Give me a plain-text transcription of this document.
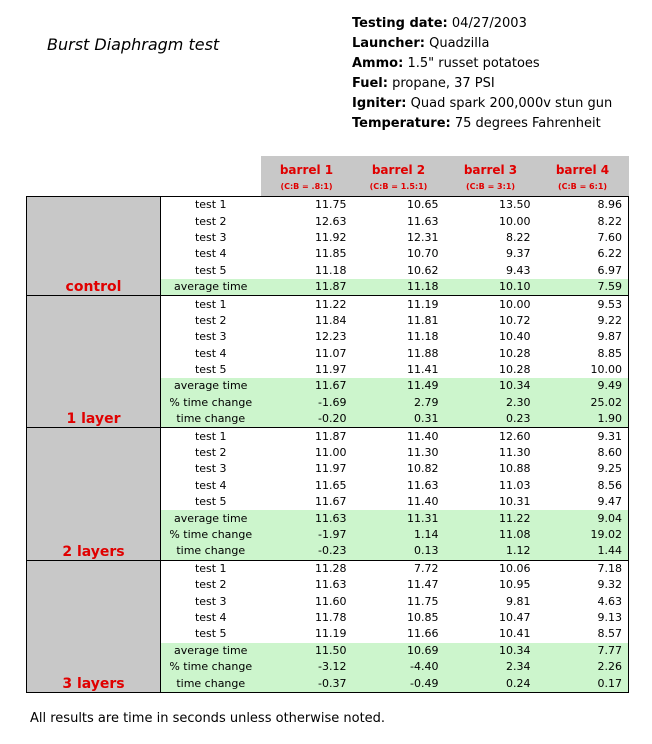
Burst Diaphragm test
Testing date: 04/27/2003
Launcher: Quadzilla
Ammo: 1.5" russet potatoes
Fuel: propane, 37 PSI
Igniter: Quad spark 200,000v stun gun
Temperature: 75 degrees Fahrenheit
		barrel 1	barrel 2	barrel 3	barrel 4
		(C:B = .8:1)	(C:B = 1.5:1)	(C:B = 3:1)	(C:B = 6:1)
control	test 1	11.75	10.65	13.50	8.96
	test 2	12.63	11.63	10.00	8.22
	test 3	11.92	12.31	8.22	7.60
	test 4	11.85	10.70	9.37	6.22
	test 5	11.18	10.62	9.43	6.97
	average time	11.87	11.18	10.10	7.59
1 layer	test 1	11.22	11.19	10.00	9.53
	test 2	11.84	11.81	10.72	9.22
	test 3	12.23	11.18	10.40	9.87
	test 4	11.07	11.88	10.28	8.85
	test 5	11.97	11.41	10.28	10.00
	average time	11.67	11.49	10.34	9.49
	% time change	-1.69	2.79	2.30	25.02
	time change	-0.20	0.31	0.23	1.90
2 layers	test 1	11.87	11.40	12.60	9.31
	test 2	11.00	11.30	11.30	8.60
	test 3	11.97	10.82	10.88	9.25
	test 4	11.65	11.63	11.03	8.56
	test 5	11.67	11.40	10.31	9.47
	average time	11.63	11.31	11.22	9.04
	% time change	-1.97	1.14	11.08	19.02
	time change	-0.23	0.13	1.12	1.44
3 layers	test 1	11.28	7.72	10.06	7.18
	test 2	11.63	11.47	10.95	9.32
	test 3	11.60	11.75	9.81	4.63
	test 4	11.78	10.85	10.47	9.13
	test 5	11.19	11.66	10.41	8.57
	average time	11.50	10.69	10.34	7.77
	% time change	-3.12	-4.40	2.34	2.26
	time change	-0.37	-0.49	0.24	0.17
All results are time in seconds unless otherwise noted.
